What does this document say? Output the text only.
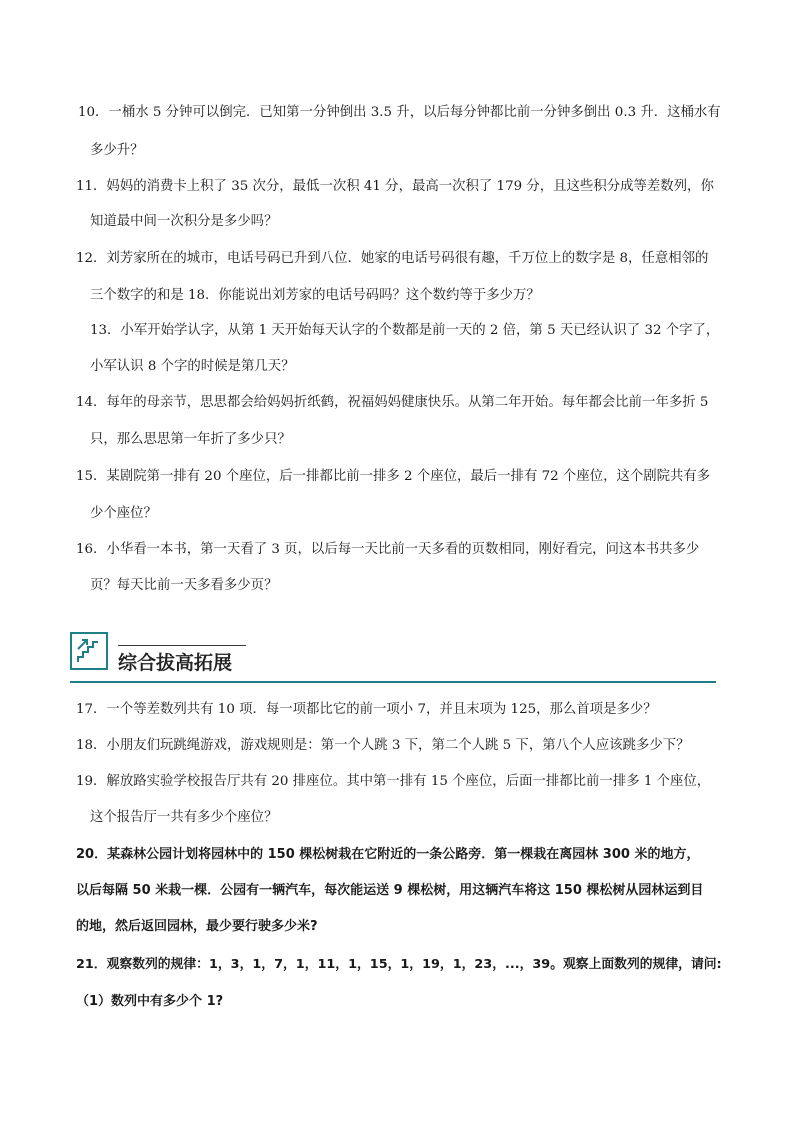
10．一桶水 5 分钟可以倒完．已知第一分钟倒出 3.5 升，以后每分钟都比前一分钟多倒出 0.3 升．这桶水有
多少升？
11．妈妈的消费卡上积了 35 次分，最低一次积 41 分，最高一次积了 179 分，且这些积分成等差数列，你
知道最中间一次积分是多少吗？
12．刘芳家所在的城市，电话号码已升到八位．她家的电话号码很有趣，千万位上的数字是 8，任意相邻的
三个数字的和是 18．你能说出刘芳家的电话号码吗？这个数约等于多少万？
13．小军开始学认字，从第 1 天开始每天认字的个数都是前一天的 2 倍，第 5 天已经认识了 32 个字了，
小军认识 8 个字的时候是第几天？
14．每年的母亲节，思思都会给妈妈折纸鹤，祝福妈妈健康快乐。从第二年开始。每年都会比前一年多折 5
只，那么思思第一年折了多少只？
15．某剧院第一排有 20 个座位，后一排都比前一排多 2 个座位，最后一排有 72 个座位，这个剧院共有多
少个座位？
16．小华看一本书，第一天看了 3 页，以后每一天比前一天多看的页数相同，刚好看完，问这本书共多少
页？每天比前一天多看多少页？
综合拔高拓展
17．一个等差数列共有 10 项．每一项都比它的前一项小 7，并且末项为 125，那么首项是多少？
18．小朋友们玩跳绳游戏，游戏规则是：第一个人跳 3 下，第二个人跳 5 下，第八个人应该跳多少下？
19．解放路实验学校报告厅共有 20 排座位。其中第一排有 15 个座位，后面一排都比前一排多 1 个座位，
这个报告厅一共有多少个座位？
20．某森林公园计划将园林中的 150 棵松树栽在它附近的一条公路旁．第一棵栽在离园林 300 米的地方，
以后每隔 50 米栽一棵．公园有一辆汽车，每次能运送 9 棵松树，用这辆汽车将这 150 棵松树从园林运到目
的地，然后返回园林，最少要行驶多少米?
21．观察数列的规律：1，3，1，7，1，11，1，15，1，19，1，23，...，39。观察上面数列的规律，请问:
（1）数列中有多少个 1?
